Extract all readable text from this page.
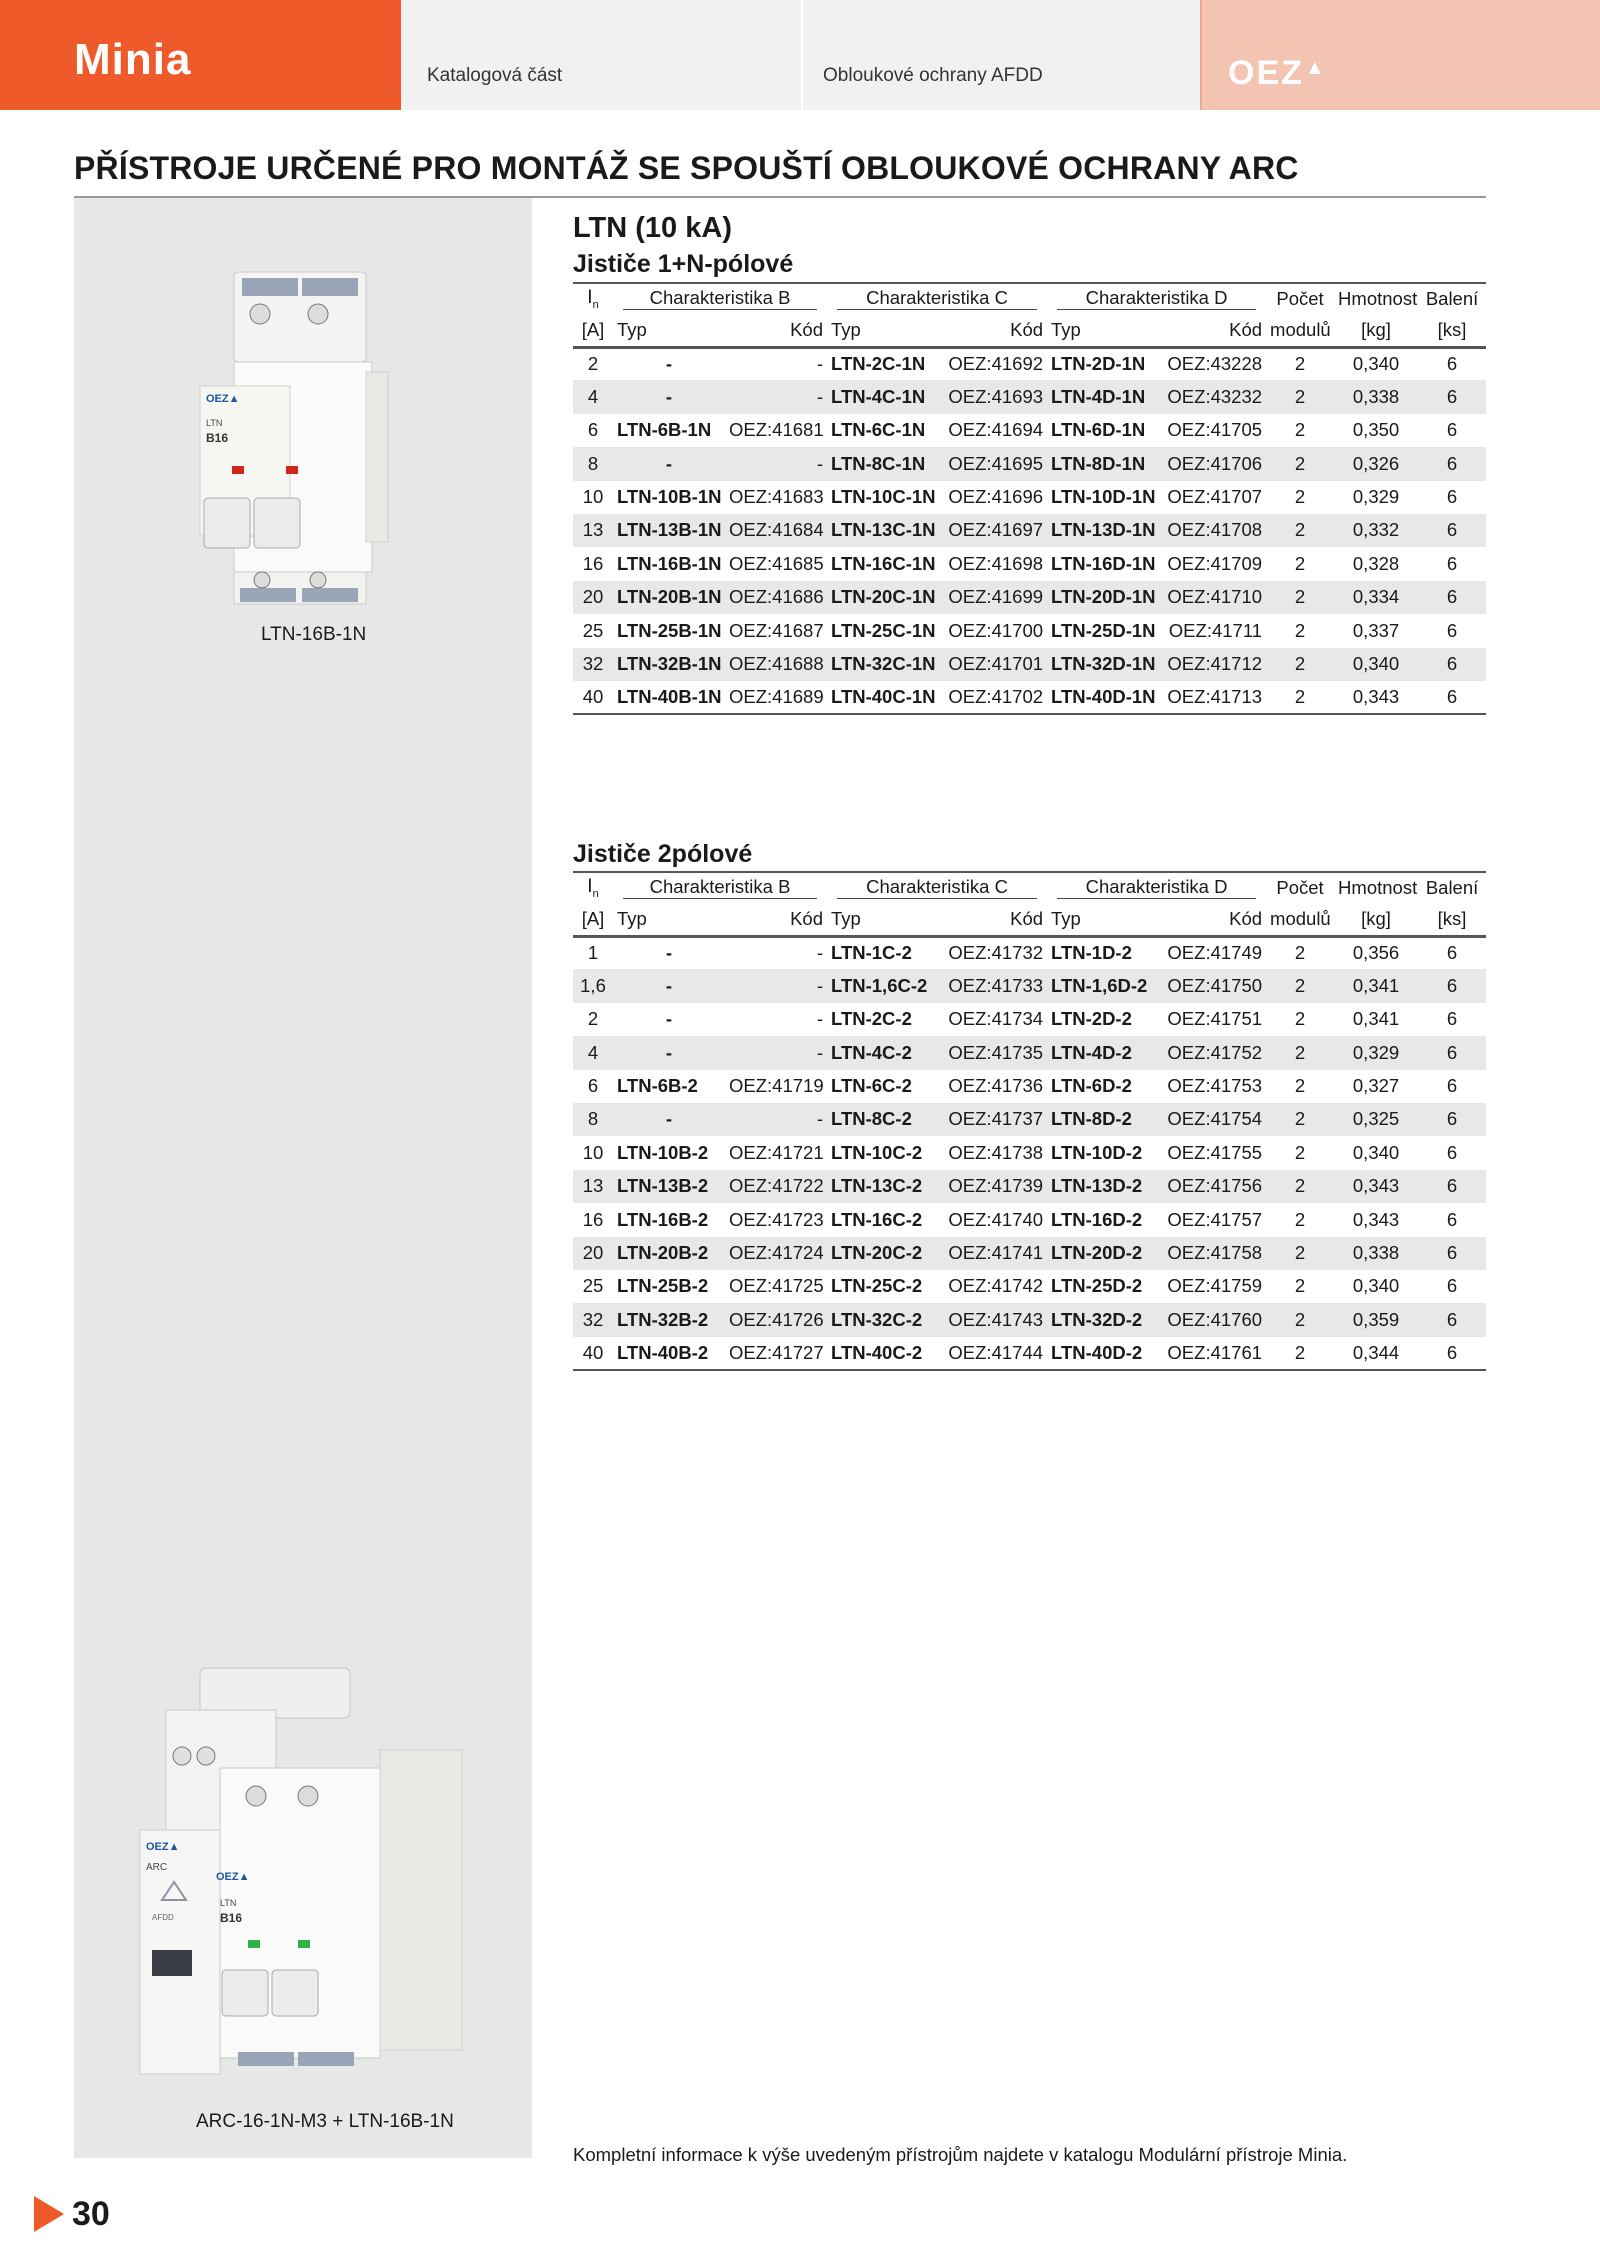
Minia	Katalogová část	Obloukové ochrany AFDD	OEZ▲
PŘÍSTROJE URČENÉ PRO MONTÁŽ SE SPOUŠTÍ OBLOUKOVÉ OCHRANY ARC
OEZ▲
LTN
B16
LTN-16B-1N
OEZ▲
ARC
AFDD
OEZ▲
LTN
B16
ARC-16-1N-M3 + LTN-16B-1N
LTN (10 kA)
Jističe 1+N-pólové
$I_n$	Charakteristika B		Charakteristika C		Charakteristika D		Počet	Hmotnost	Balení
[A]	Typ	Kód	Typ	Kód	Typ	Kód	modulů	[kg]	[ks]
2	-	-	LTN-2C-1N	OEZ:41692	LTN-2D-1N	OEZ:43228	2	0,340	6
4	-	-	LTN-4C-1N	OEZ:41693	LTN-4D-1N	OEZ:43232	2	0,338	6
6	LTN-6B-1N	OEZ:41681	LTN-6C-1N	OEZ:41694	LTN-6D-1N	OEZ:41705	2	0,350	6
8	-	-	LTN-8C-1N	OEZ:41695	LTN-8D-1N	OEZ:41706	2	0,326	6
10	LTN-10B-1N	OEZ:41683	LTN-10C-1N	OEZ:41696	LTN-10D-1N	OEZ:41707	2	0,329	6
13	LTN-13B-1N	OEZ:41684	LTN-13C-1N	OEZ:41697	LTN-13D-1N	OEZ:41708	2	0,332	6
16	LTN-16B-1N	OEZ:41685	LTN-16C-1N	OEZ:41698	LTN-16D-1N	OEZ:41709	2	0,328	6
20	LTN-20B-1N	OEZ:41686	LTN-20C-1N	OEZ:41699	LTN-20D-1N	OEZ:41710	2	0,334	6
25	LTN-25B-1N	OEZ:41687	LTN-25C-1N	OEZ:41700	LTN-25D-1N	OEZ:41711	2	0,337	6
32	LTN-32B-1N	OEZ:41688	LTN-32C-1N	OEZ:41701	LTN-32D-1N	OEZ:41712	2	0,340	6
40	LTN-40B-1N	OEZ:41689	LTN-40C-1N	OEZ:41702	LTN-40D-1N	OEZ:41713	2	0,343	6
Jističe 2pólové
$I_n$	Charakteristika B		Charakteristika C		Charakteristika D		Počet	Hmotnost	Balení
[A]	Typ	Kód	Typ	Kód	Typ	Kód	modulů	[kg]	[ks]
1	-	-	LTN-1C-2	OEZ:41732	LTN-1D-2	OEZ:41749	2	0,356	6
1,6	-	-	LTN-1,6C-2	OEZ:41733	LTN-1,6D-2	OEZ:41750	2	0,341	6
2	-	-	LTN-2C-2	OEZ:41734	LTN-2D-2	OEZ:41751	2	0,341	6
4	-	-	LTN-4C-2	OEZ:41735	LTN-4D-2	OEZ:41752	2	0,329	6
6	LTN-6B-2	OEZ:41719	LTN-6C-2	OEZ:41736	LTN-6D-2	OEZ:41753	2	0,327	6
8	-	-	LTN-8C-2	OEZ:41737	LTN-8D-2	OEZ:41754	2	0,325	6
10	LTN-10B-2	OEZ:41721	LTN-10C-2	OEZ:41738	LTN-10D-2	OEZ:41755	2	0,340	6
13	LTN-13B-2	OEZ:41722	LTN-13C-2	OEZ:41739	LTN-13D-2	OEZ:41756	2	0,343	6
16	LTN-16B-2	OEZ:41723	LTN-16C-2	OEZ:41740	LTN-16D-2	OEZ:41757	2	0,343	6
20	LTN-20B-2	OEZ:41724	LTN-20C-2	OEZ:41741	LTN-20D-2	OEZ:41758	2	0,338	6
25	LTN-25B-2	OEZ:41725	LTN-25C-2	OEZ:41742	LTN-25D-2	OEZ:41759	2	0,340	6
32	LTN-32B-2	OEZ:41726	LTN-32C-2	OEZ:41743	LTN-32D-2	OEZ:41760	2	0,359	6
40	LTN-40B-2	OEZ:41727	LTN-40C-2	OEZ:41744	LTN-40D-2	OEZ:41761	2	0,344	6
Kompletní informace k výše uvedeným přístrojům najdete v katalogu Modulární přístroje Minia.
30
